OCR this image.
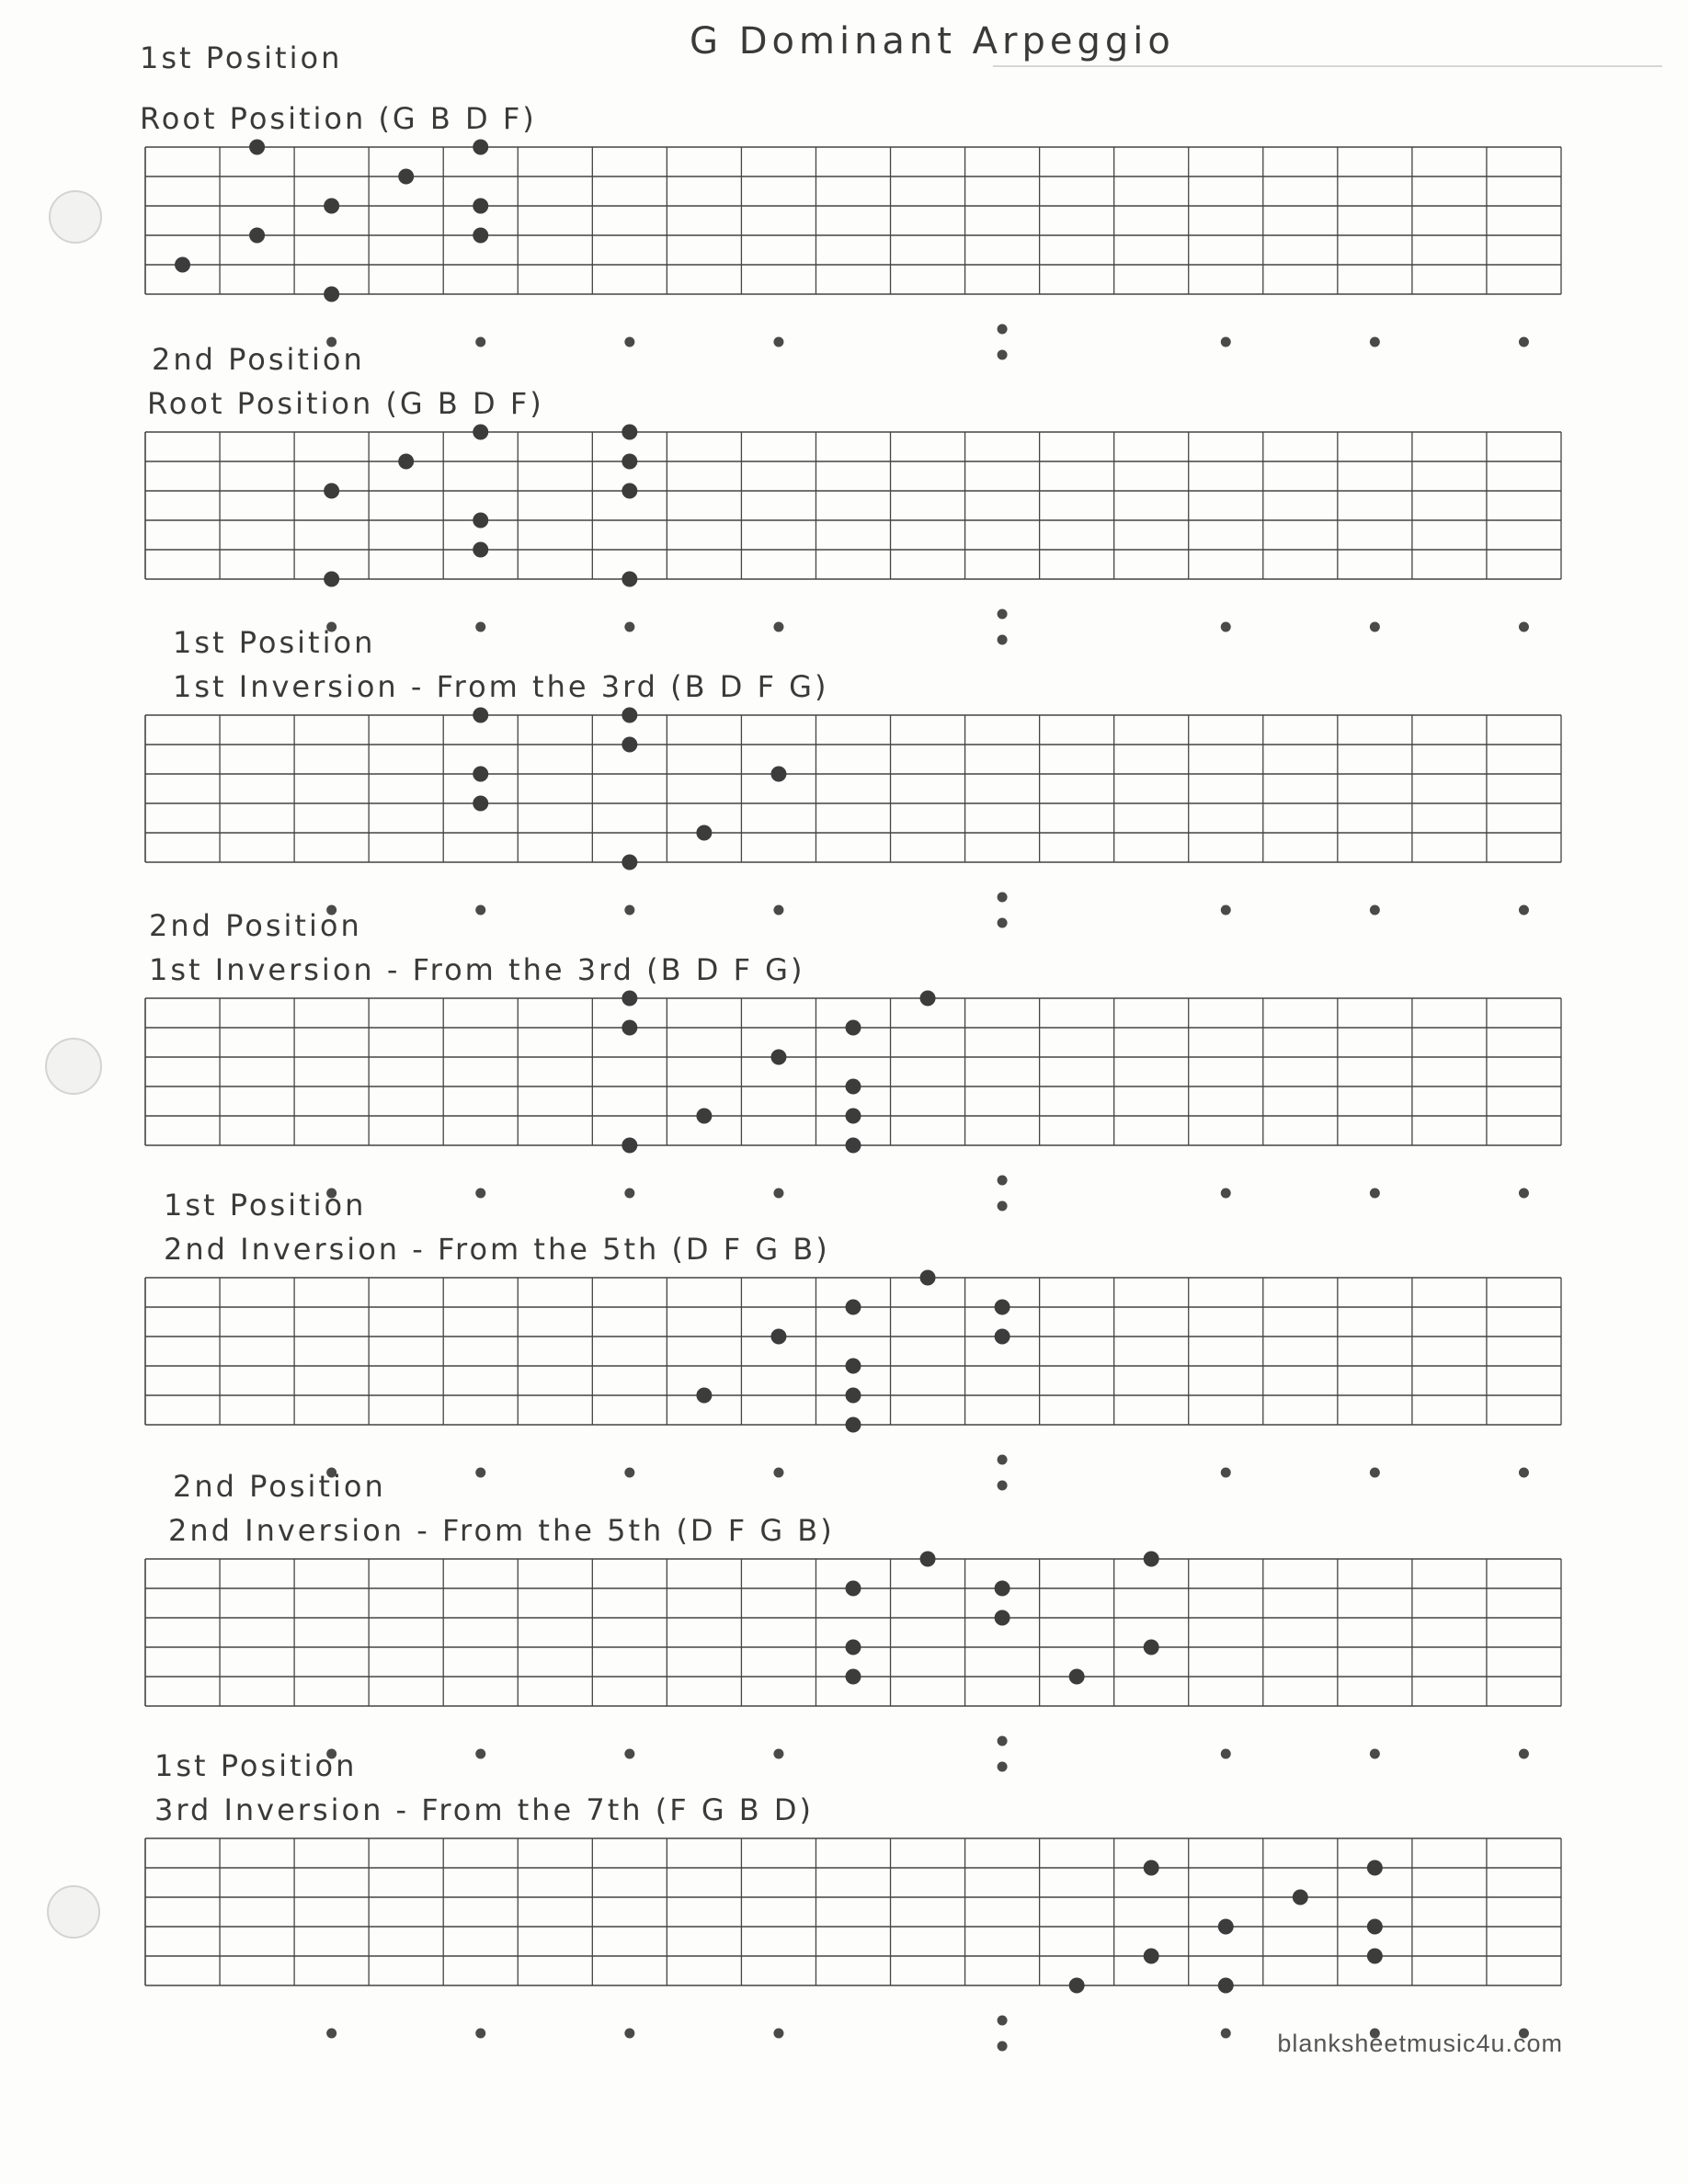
G Dominant Arpeggio
1st Position
Root Position (G B D F)
2nd Position
Root Position (G B D F)
1st Position
1st Inversion - From the 3rd (B D F G)
2nd Position
1st Inversion - From the 3rd (B D F G)
1st Position
2nd Inversion - From the 5th (D F G B)
2nd Position
2nd Inversion - From the 5th (D F G B)
1st Position
3rd Inversion - From the 7th (F G B D)
blanksheetmusic4u.com
